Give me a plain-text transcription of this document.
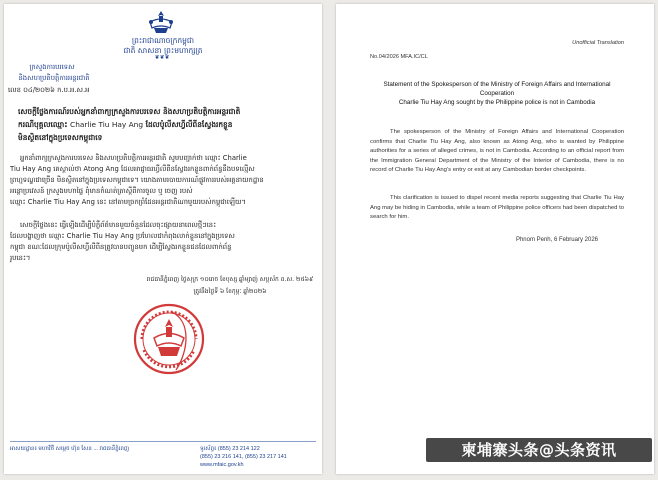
ព្រះរាជាណាចក្រកម្ពុជា
ជាតិ សាសនា ព្រះមហាក្សត្រ
❦❦❦
ក្រសួងការបរទេស
និងសហប្រតិបត្តិការអន្តរជាតិ
លេខ ០៤/២០២៦ ក.ប.អ.ស.អ
សេចក្តីថ្លែងការណ៍របស់អ្នកនាំពាក្យក្រសួងការបរទេស និងសហប្រតិបត្តិការអន្តរជាតិ
ករណីបុគ្គលឈ្មោះ Charlie Tiu Hay Ang ដែលប៉ូលីសហ្វីលីពីនស្វែងរកខ្លួន
មិនស្ថិតនៅក្នុងប្រទេសកម្ពុជាទេ
អ្នកនាំពាក្យក្រសួងការបរទេស និងសហប្រតិបត្តិការអន្តរជាតិ សូមបញ្ជាក់ថា ឈ្មោះ Charlie
Tiu Hay Ang គេស្គាល់ថា Atong Ang ដែលអាជ្ញាធរហ្វីលីពីនស្វែងរកខ្លួនពាក់ព័ន្ធនឹងបទល្មើស
ព្រហ្មទណ្ឌជាច្រើន មិនស្ថិតនៅក្នុងប្រទេសកម្ពុជាទេ។ យោងតាមរបាយការណ៍ផ្លូវការរបស់អគ្គនាយកដ្ឋាន
អន្តោប្រវេសន៍ ក្រសួងមហាផ្ទៃ ពុំមានកំណត់ត្រាស្តីពីការចូល ឬ ចេញ របស់
ឈ្មោះ Charlie Tiu Hay Ang នេះ នៅតាមច្រកព្រំដែនអន្តរជាតិណាមួយរបស់កម្ពុជាឡើយ។
សេចក្តីថ្លែងនេះ ធ្វើឡើងដើម្បីបំភ្លឺព័ត៌មានមួយចំនួនដែលចុះផ្សាយនាពេលថ្មីៗនេះ
ដែលបង្ហាញថា ឈ្មោះ Charlie Tiu Hay Ang ប្រហែលជាកំពុងលាក់ខ្លួននៅក្នុងប្រទេស
កម្ពុជា ខណៈដែលក្រុមប៉ូលីសហ្វីលីពីនត្រូវបានបញ្ជូនមក ដើម្បីស្វែងរកខ្លួនជនដែលពាក់ព័ន្ធ
រូបនេះ។
រាជធានីភ្នំពេញ ថ្ងៃសុក្រ ១០រោច ខែបុស្ស ឆ្នាំម្សាញ់ សប្តស័ក ព.ស. ២៥៦៩
ត្រូវនឹងថ្ងៃទី ៦ ខែកុម្ភៈ ឆ្នាំ២០២៦
អាសយដ្ឋាន៖ មហាវិថី សម្តេច ហ៊ុន សែន ... រាជធានីភ្នំពេញ	ទូរស័ព្ទ៖ (855) 23 214 122
(855) 23 216 141, (855) 23 217 141
www.mfaic.gov.kh
Unofficial Translation
No.04/2026 MFA.IC/CL
Statement of the Spokesperson of the Ministry of Foreign Affairs and International Cooperation
Charlie Tiu Hay Ang sought by the Philippine police is not in Cambodia
The spokesperson of the Ministry of Foreign Affairs and International Cooperation confirms that Charlie Tiu Hay Ang, also known as Atong Ang, who is wanted by Philippine authorities for a series of alleged crimes, is not in Cambodia. According to an official report from the Immigration General Department of the Ministry of the Interior of Cambodia, there is no record of Charlie Tiu Hay Ang’s entry or exit at any Cambodian border checkpoints.
This clarification is issued to dispel recent media reports suggesting that Charlie Tiu Hay Ang may be hiding in Cambodia, while a team of Philippine police officers had been dispatched to search for him.
Phnom Penh, 6 February 2026
柬埔寨头条@头条资讯
